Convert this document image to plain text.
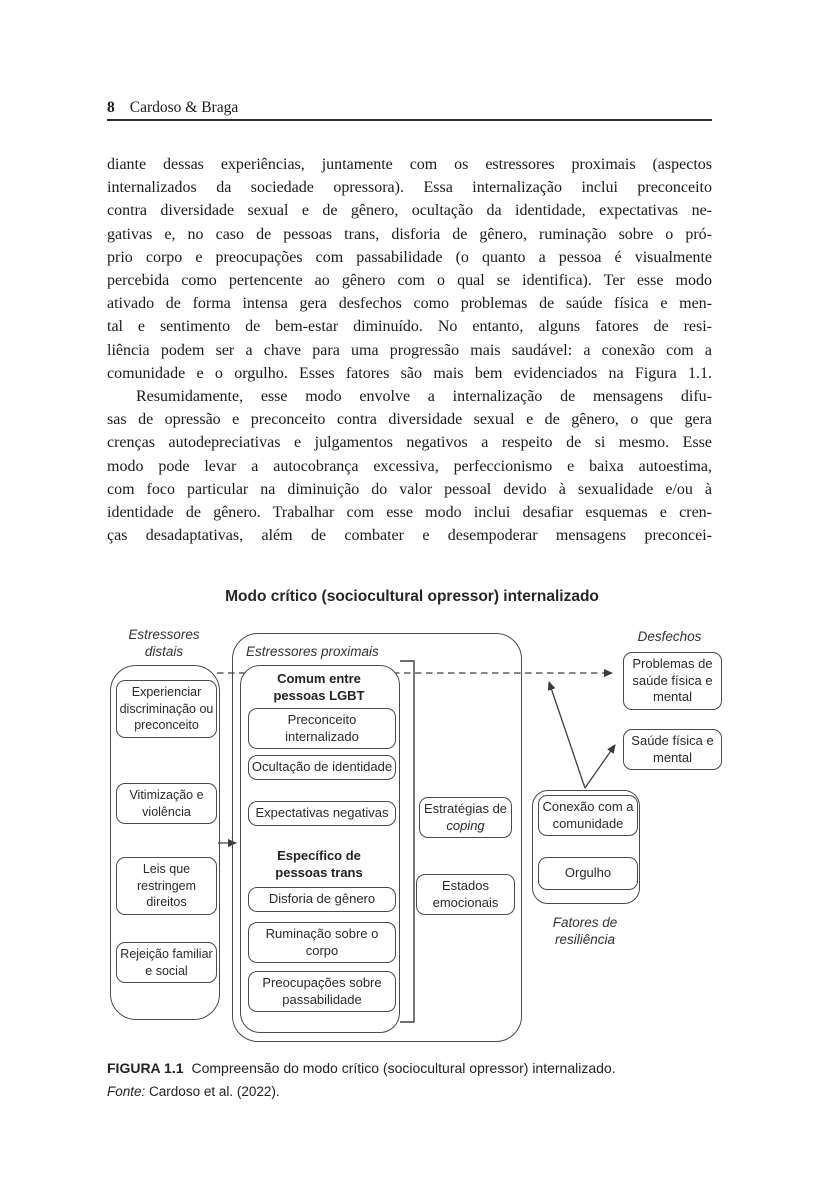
8 Cardoso & Braga
diante dessas experiências, juntamente com os estressores proximais (aspectos
internalizados da sociedade opressora). Essa internalização inclui preconceito
contra diversidade sexual e de gênero, ocultação da identidade, expectativas ne-
gativas e, no caso de pessoas trans, disforia de gênero, ruminação sobre o pró-
prio corpo e preocupações com passabilidade (o quanto a pessoa é visualmente
percebida como pertencente ao gênero com o qual se identifica). Ter esse modo
ativado de forma intensa gera desfechos como problemas de saúde física e men-
tal e sentimento de bem-estar diminuído. No entanto, alguns fatores de resi-
liência podem ser a chave para uma progressão mais saudável: a conexão com a
comunidade e o orgulho. Esses fatores são mais bem evidenciados na Figura 1.1.
Resumidamente, esse modo envolve a internalização de mensagens difu-
sas de opressão e preconceito contra diversidade sexual e de gênero, o que gera
crenças autodepreciativas e julgamentos negativos a respeito de si mesmo. Esse
modo pode levar a autocobrança excessiva, perfeccionismo e baixa autoestima,
com foco particular na diminuição do valor pessoal devido à sexualidade e/ou à
identidade de gênero. Trabalhar com esse modo inclui desafiar esquemas e cren-
ças desadaptativas, além de combater e desempoderar mensagens preconcei-
Modo crítico (sociocultural opressor) internalizado
Estressores distais
Experienciar discriminação ou preconceito
Vitimização e violência
Leis que restringem direitos
Rejeição familiar e social
Estressores proximais
Comum entre pessoas LGBT
Preconceito internalizado
Ocultação de identidade
Expectativas negativas
Específico de pessoas trans
Disforia de gênero
Ruminação sobre o corpo
Preocupações sobre passabilidade
Estratégias de coping
Estados emocionais
Conexão com a comunidade
Orgulho
Fatores de resiliência
Desfechos
Problemas de saúde física e mental
Saúde física e mental
FIGURA 1.1 Compreensão do modo crítico (sociocultural opressor) internalizado.
Fonte: Cardoso et al. (2022).
